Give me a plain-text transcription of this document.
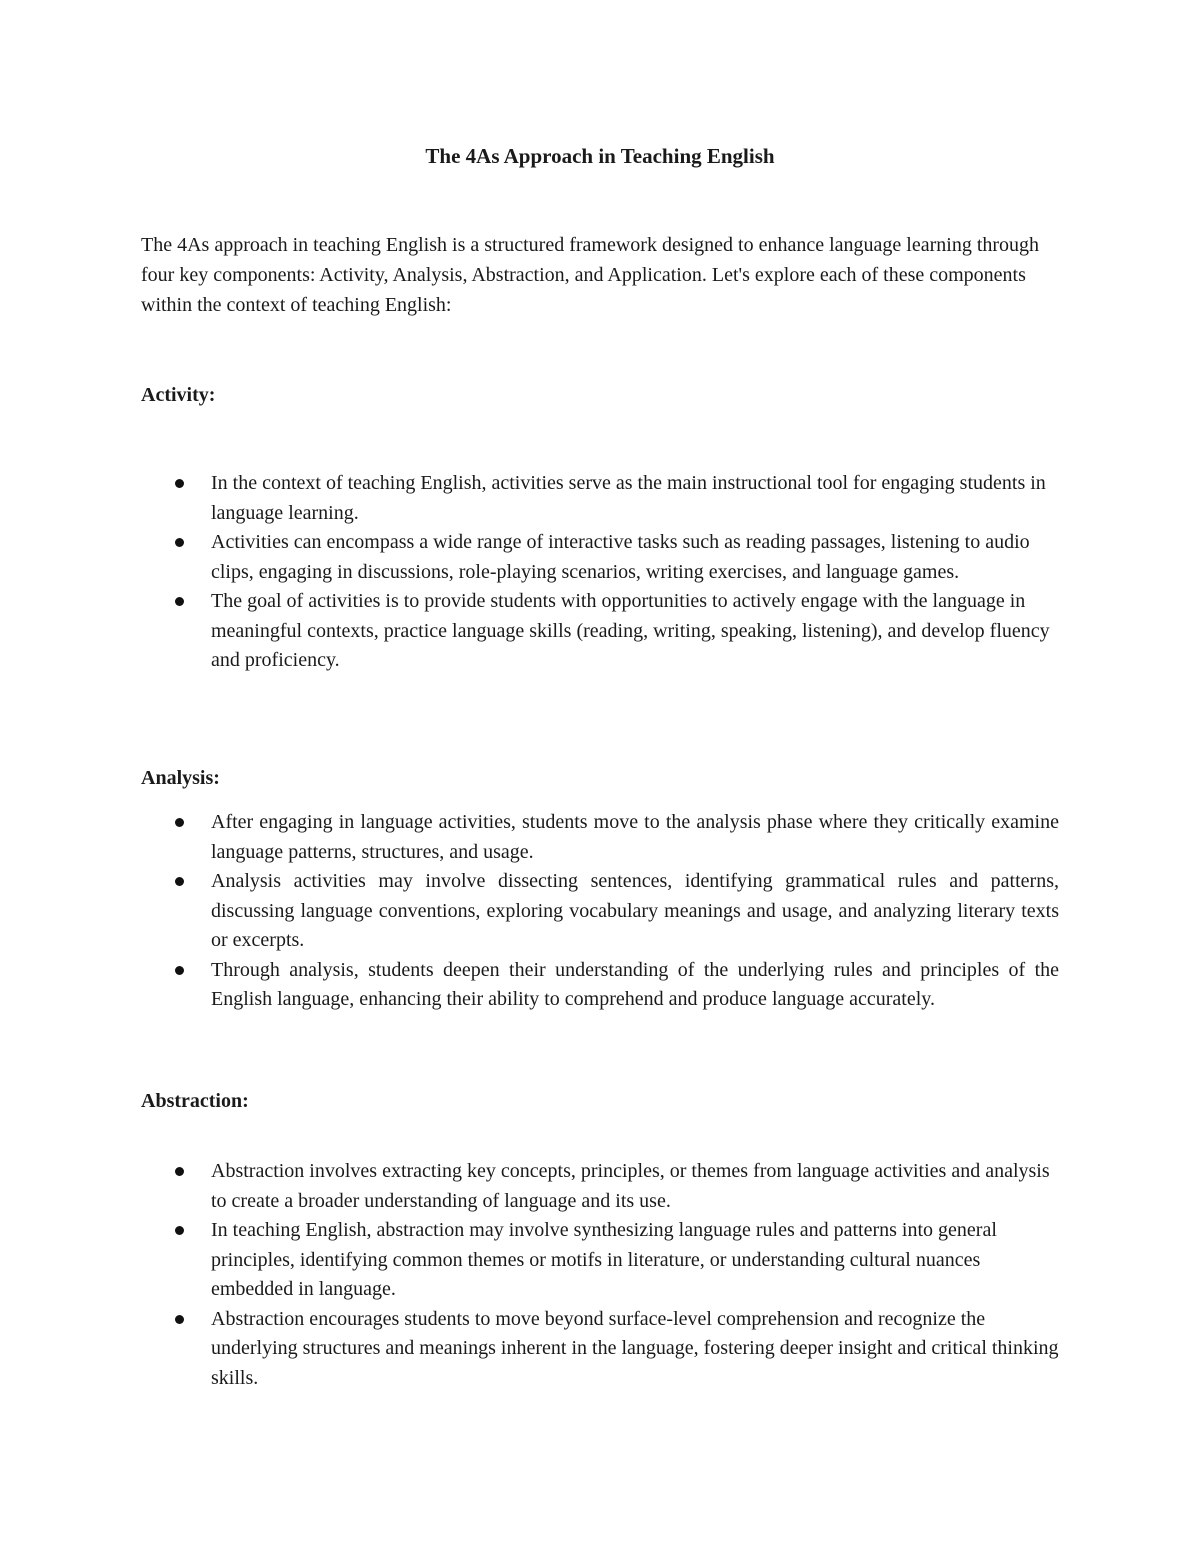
The 4As Approach in Teaching English

The 4As approach in teaching English is a structured framework designed to enhance language learning through four key components: Activity, Analysis, Abstraction, and Application. Let's explore each of these components within the context of teaching English:

Activity:
In the context of teaching English, activities serve as the main instructional tool for engaging students in language learning.
Activities can encompass a wide range of interactive tasks such as reading passages, listening to audio clips, engaging in discussions, role-playing scenarios, writing exercises, and language games.
The goal of activities is to provide students with opportunities to actively engage with the language in meaningful contexts, practice language skills (reading, writing, speaking, listening), and develop fluency and proficiency.
Analysis:
After engaging in language activities, students move to the analysis phase where they critically examine language patterns, structures, and usage.
Analysis activities may involve dissecting sentences, identifying grammatical rules and patterns, discussing language conventions, exploring vocabulary meanings and usage, and analyzing literary texts or excerpts.
Through analysis, students deepen their understanding of the underlying rules and principles of the English language, enhancing their ability to comprehend and produce language accurately.
Abstraction:
Abstraction involves extracting key concepts, principles, or themes from language activities and analysis to create a broader understanding of language and its use.
In teaching English, abstraction may involve synthesizing language rules and patterns into general principles, identifying common themes or motifs in literature, or understanding cultural nuances embedded in language.
Abstraction encourages students to move beyond surface-level comprehension and recognize the underlying structures and meanings inherent in the language, fostering deeper insight and critical thinking skills.
